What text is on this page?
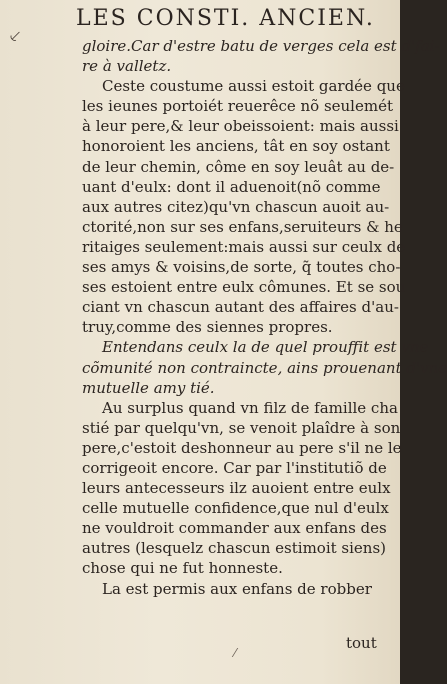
⸔
LES CONSTI. ANCIEN.
gloire.Car d'estre batu de verges cela est d'fai-
re à valletz.
Ceste coustume aussi estoit gardée que
les ieunes portoiét reuerêce nõ seulemét
à leur pere,& leur obeissoient: mais aussi
honoroient les anciens, tât en soy ostant
de leur chemin, côme en soy leuât au de-
uant d'eulx: dont il aduenoit(nõ comme
aux autres citez)qu'vn chascun auoit au-
ctorité,non sur ses enfans,seruiteurs & he
ritaiges seulement:mais aussi sur ceulx de
ses amys & voisins,de sorte, q̃ toutes cho-
ses estoient entre eulx cômunes. Et se sou
ciant vn chascun autant des affaires d'au-
truy,comme des siennes propres.
Entendans ceulx la de quel prouffit est vne
cõmunité non contraincte, ains prouenant d'vne
mutuelle amy tié.
Au surplus quand vn filz de famille cha
stié par quelqu'vn, se venoit plaîdre à son
pere,c'estoit deshonneur au pere s'il ne le
corrigeoit encore. Car par l'institutiõ de
leurs antecesseurs ilz auoient entre eulx
celle mutuelle confidence,que nul d'eulx
ne vouldroit commander aux enfans des
autres (lesquelz chascun estimoit siens)
chose qui ne fut honneste.
La est permis aux enfans de robber
⁄
tout
